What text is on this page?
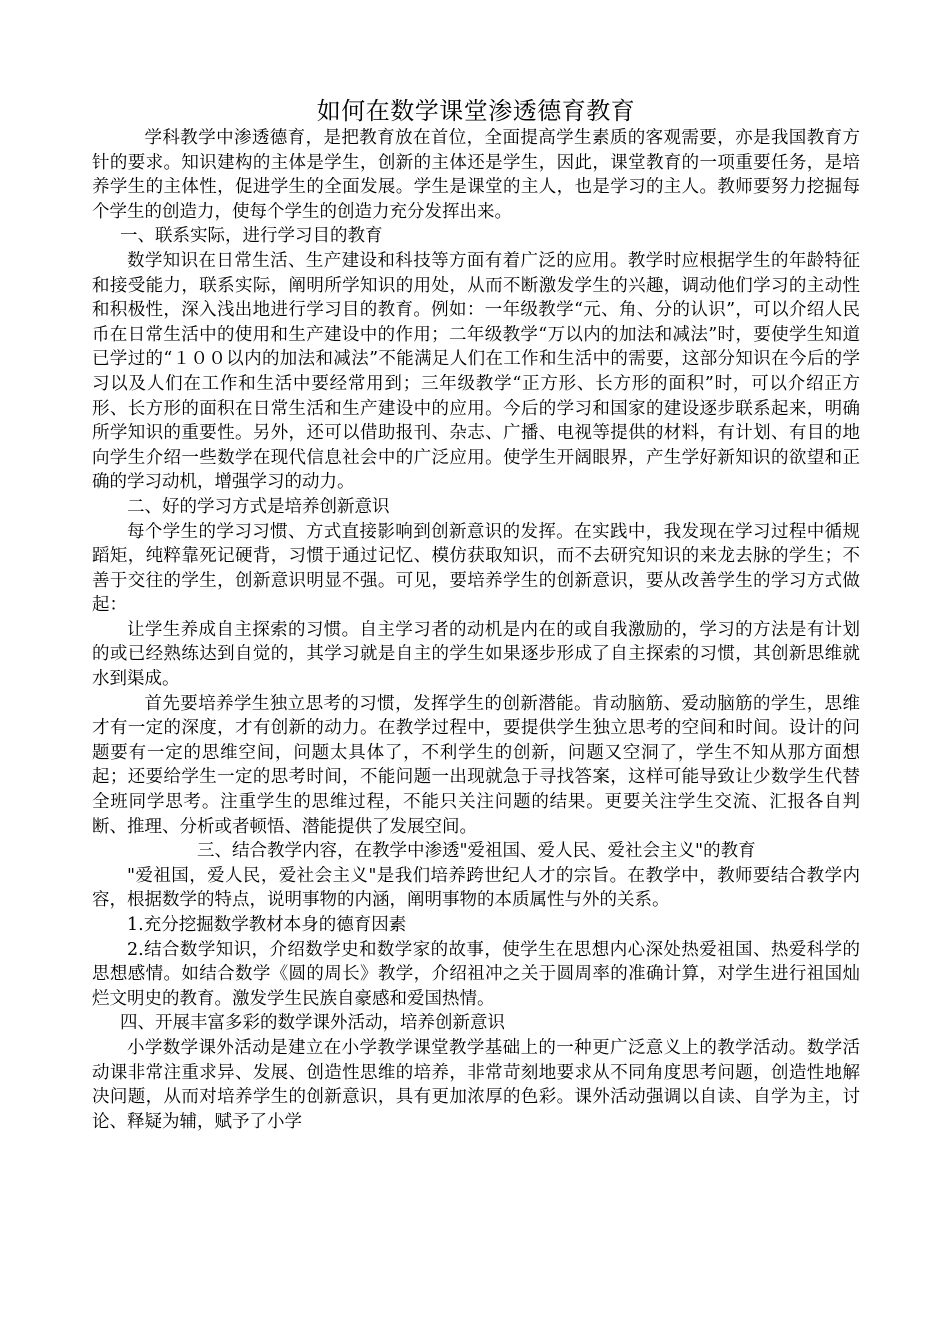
如何在数学课堂渗透德育教育

学科教学中渗透德育，是把教育放在首位，全面提高学生素质的客观需要，亦是我国教育方针的要求。知识建构的主体是学生，创新的主体还是学生，因此，课堂教育的一项重要任务，是培养学生的主体性，促进学生的全面发展。学生是课堂的主人，也是学习的主人。教师要努力挖掘每个学生的创造力，使每个学生的创造力充分发挥出来。

一、联系实际，进行学习目的教育

数学知识在日常生活、生产建设和科技等方面有着广泛的应用。教学时应根据学生的年龄特征和接受能力，联系实际，阐明所学知识的用处，从而不断激发学生的兴趣，调动他们学习的主动性和积极性，深入浅出地进行学习目的教育。例如：一年级教学“元、角、分的认识”，可以介绍人民币在日常生活中的使用和生产建设中的作用；二年级教学“万以内的加法和减法”时，要使学生知道已学过的“１００以内的加法和减法”不能满足人们在工作和生活中的需要，这部分知识在今后的学习以及人们在工作和生活中要经常用到；三年级教学“正方形、长方形的面积”时，可以介绍正方形、长方形的面积在日常生活和生产建设中的应用。今后的学习和国家的建设逐步联系起来，明确所学知识的重要性。另外，还可以借助报刊、杂志、广播、电视等提供的材料，有计划、有目的地向学生介绍一些数学在现代信息社会中的广泛应用。使学生开阔眼界，产生学好新知识的欲望和正确的学习动机，增强学习的动力。

二、好的学习方式是培养创新意识

每个学生的学习习惯、方式直接影响到创新意识的发挥。在实践中，我发现在学习过程中循规蹈矩，纯粹靠死记硬背，习惯于通过记忆、模仿获取知识，而不去研究知识的来龙去脉的学生；不善于交往的学生，创新意识明显不强。可见，要培养学生的创新意识，要从改善学生的学习方式做起：

让学生养成自主探索的习惯。自主学习者的动机是内在的或自我激励的，学习的方法是有计划的或已经熟练达到自觉的，其学习就是自主的学生如果逐步形成了自主探索的习惯，其创新思维就水到渠成。

首先要培养学生独立思考的习惯，发挥学生的创新潜能。肯动脑筋、爱动脑筋的学生，思维才有一定的深度，才有创新的动力。在教学过程中，要提供学生独立思考的空间和时间。设计的问题要有一定的思维空间，问题太具体了，不利学生的创新，问题又空洞了，学生不知从那方面想起；还要给学生一定的思考时间，不能问题一出现就急于寻找答案，这样可能导致让少数学生代替全班同学思考。注重学生的思维过程，不能只关注问题的结果。更要关注学生交流、汇报各自判断、推理、分析或者顿悟、潜能提供了发展空间。

三、结合教学内容，在教学中渗透"爱祖国、爱人民、爱社会主义"的教育

"爱祖国，爱人民，爱社会主义"是我们培养跨世纪人才的宗旨。在教学中，教师要结合教学内容，根据数学的特点，说明事物的内涵，阐明事物的本质属性与外的关系。

1.充分挖掘数学教材本身的德育因素

2.结合数学知识，介绍数学史和数学家的故事，使学生在思想内心深处热爱祖国、热爱科学的思想感情。如结合数学《圆的周长》教学，介绍祖冲之关于圆周率的准确计算，对学生进行祖国灿烂文明史的教育。激发学生民族自豪感和爱国热情。

四、开展丰富多彩的数学课外活动，培养创新意识

小学数学课外活动是建立在小学教学课堂教学基础上的一种更广泛意义上的教学活动。数学活动课非常注重求异、发展、创造性思维的培养，非常苛刻地要求从不同角度思考问题，创造性地解决问题，从而对培养学生的创新意识，具有更加浓厚的色彩。课外活动强调以自读、自学为主，讨论、释疑为辅，赋予了小学
